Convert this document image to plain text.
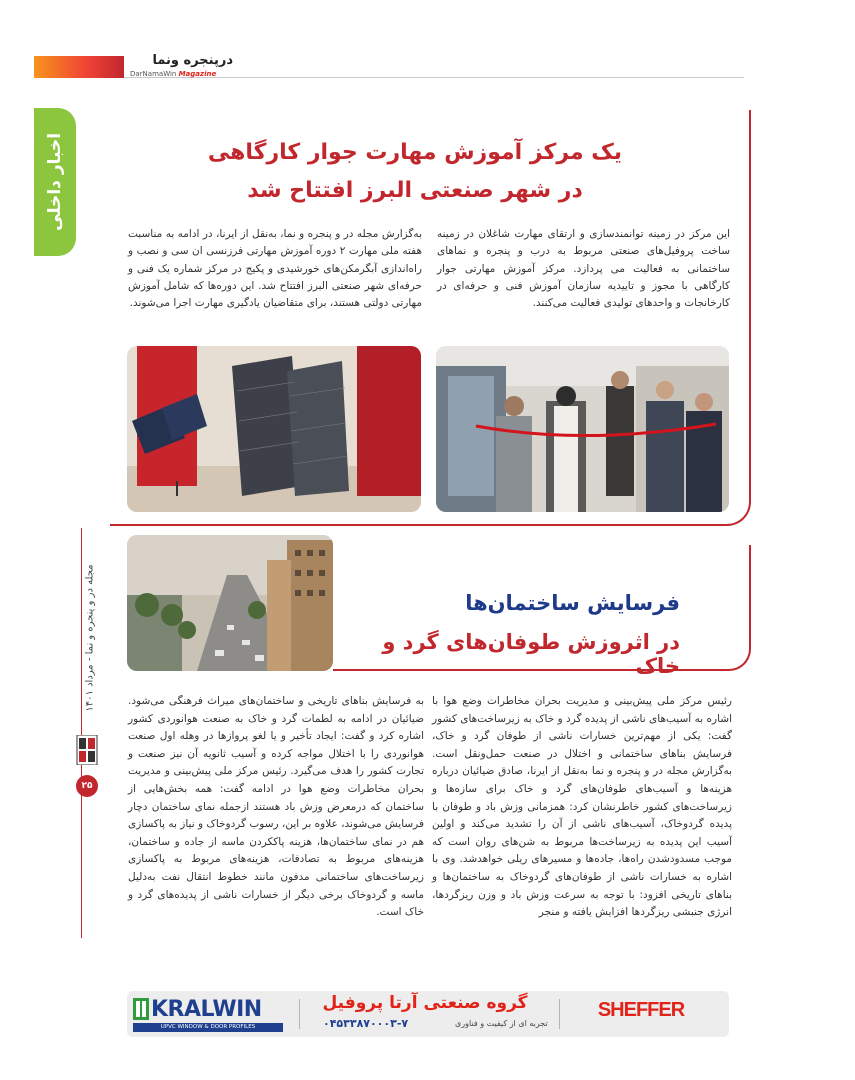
درپنجره ونما
DarNamaWin Magazine
اخبار داخلی	یک مرکز آموزش مهارت جوار کارگاهی
در شهر صنعتی البرز افتتاح شد

این مرکز در زمینه توانمندسازی و ارتقای مهارت شاغلان در زمینه ساخت پروفیل‌های صنعتی مربوط به درب و پنجره و نماهای ساختمانی به فعالیت می پردازد. مرکز آموزش مهارتی جوار کارگاهی با مجوز و تاییدیه سازمان آموزش فنی و حرفه‌ای در کارخانجات و واحدهای تولیدی فعالیت می‌کنند.

به‌گزارش مجله در و پنجره و نما، به‌نقل از ایرنا، در ادامه به مناسبت هفته ملی مهارت ۲ دوره آموزش مهارتی فرزنسی ان سی و نصب و راه‌اندازی آبگرمکن‌های خورشیدی و پکیج در مرکز شماره یک فنی و حرفه‌ای شهر صنعتی البرز افتتاح شد. این دوره‌ها که شامل آموزش مهارتی دولتی هستند، برای متقاضیان یادگیری مهارت اجرا می‌شوند.

مجله در و پنجره و نما - مرداد ۱۴۰۱
۲۵
فرسایش ساختمان‌ها
در اثروزش طوفان‌های گرد و خاک

رئیس مرکز ملی پیش‌بینی و مدیریت بحران مخاطرات وضع هوا با اشاره به آسیب‌های ناشی از پدیده گرد و خاک به زیرساخت‌های کشور گفت: یکی از مهم‌ترین خسارات ناشی از طوفان گرد و خاک، فرسایش بناهای ساختمانی و اختلال در صنعت حمل‌ونقل است. به‌گزارش مجله در و پنجره و نما به‌نقل از ایرنا، صادق ضیائیان درباره هزینه‌ها و آسیب‌های طوفان‌های گرد و خاک برای سازه‌ها و زیرساخت‌های کشور خاطرنشان کرد: همزمانی وزش باد و طوفان با پدیده گردوخاک، آسیب‌های ناشی از آن را تشدید می‌کند و اولین آسیب این پدیده به زیرساخت‌ها مربوط به شن‌های روان است که موجب مسدودشدن راه‌ها، جاده‌ها و مسیرهای ریلی خواهدشد. وی با اشاره به خسارات ناشی از طوفان‌های گردوخاک به ساختمان‌ها و بناهای تاریخی افزود: با توجه به سرعت وزش باد و وزن ریزگردها، انرژی جنبشی ریزگردها افزایش یافته و منجر

به فرسایش بناهای تاریخی و ساختمان‌های میراث فرهنگی می‌شود. ضیائیان در ادامه به لطمات گرد و خاک به صنعت هوانوردی کشور اشاره کرد و گفت: ایجاد تأخیر و یا لغو پروازها در وهله اول صنعت هوانوردی را با اختلال مواجه کرده و آسیب ثانویه آن نیز صنعت و تجارت کشور را هدف می‌گیرد. رئیس مرکز ملی پیش‌بینی و مدیریت بحران مخاطرات وضع هوا در ادامه گفت: همه بخش‌هایی از ساختمان که درمعرض وزش باد هستند ازجمله نمای ساختمان دچار فرسایش می‌شوند، علاوه بر این، رسوب گردوخاک و نیاز به پاکسازی هم در نمای ساختمان‌ها، هزینه پاککردن ماسه از جاده و ساختمان، هزینه‌های مربوط به تصادفات، هزینه‌های مربوط به پاکسازی زیرساخت‌های ساختمانی مدفون مانند خطوط انتقال نفت به‌دلیل ماسه و گردوخاک برخی دیگر از خسارات ناشی از پدیده‌های گرد و خاک است.

KRALWIN
UPVC WINDOW & DOOR PROFILES
گروه صنعتی آرتا پروفیل
۰۴۵۳۳۸۷۰۰۰۳-۷	تجربه ای از کیفیت و فناوری
SHEFFER
